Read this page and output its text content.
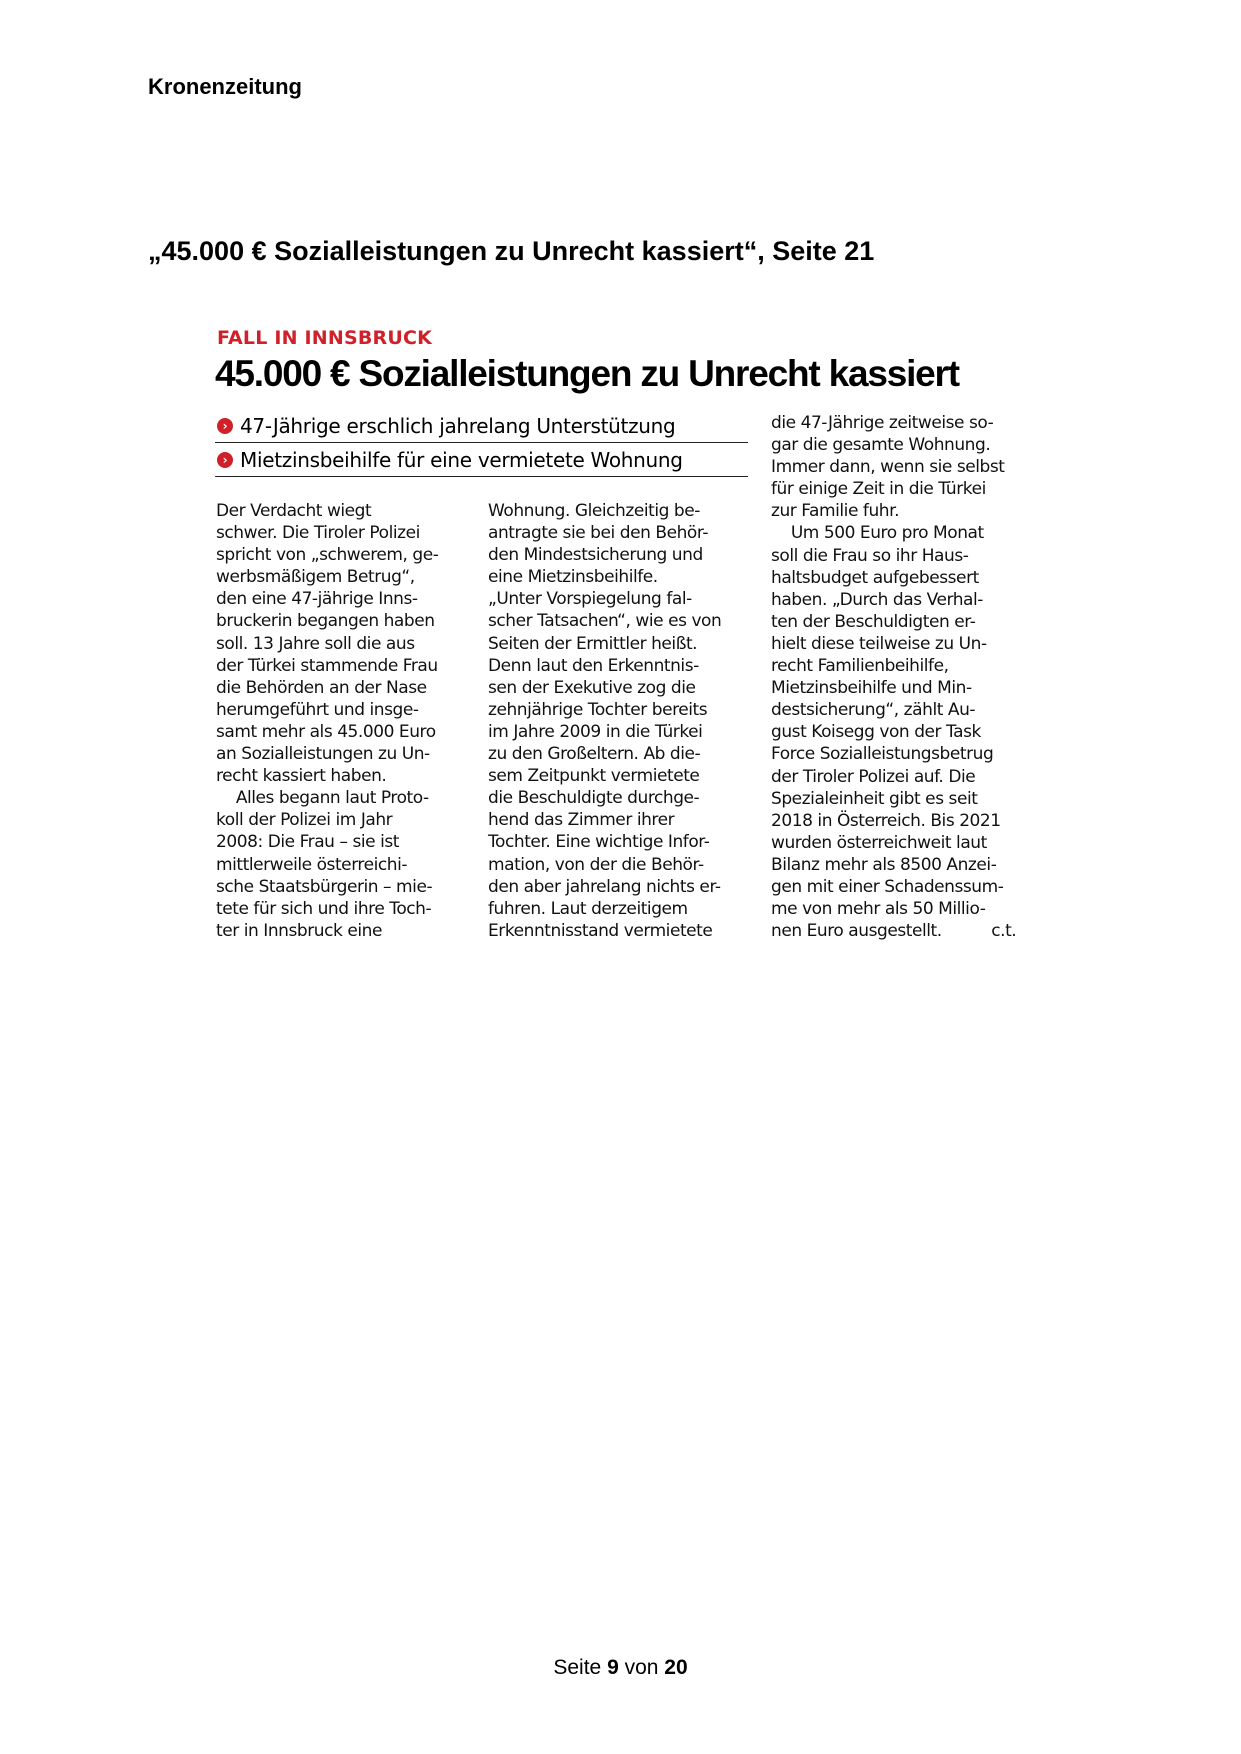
Kronenzeitung
„45.000 € Sozialleistungen zu Unrecht kassiert“, Seite 21
FALL IN INNSBRUCK
45.000 € Sozialleistungen zu Unrecht kassiert
› 47-Jährige erschlich jahrelang Unterstützung
› Mietzinsbeihilfe für eine vermietete Wohnung

Der Verdacht wiegt
schwer. Die Tiroler Polizei
spricht von „schwerem, ge-
werbsmäßigem Betrug“,
den eine 47-jährige Inns-
bruckerin begangen haben
soll. 13 Jahre soll die aus
der Türkei stammende Frau
die Behörden an der Nase
herumgeführt und insge-
samt mehr als 45.000 Euro
an Sozialleistungen zu Un-
recht kassiert haben.
Alles begann laut Proto-
koll der Polizei im Jahr
2008: Die Frau – sie ist
mittlerweile österreichi-
sche Staatsbürgerin – mie-
tete für sich und ihre Toch-
ter in Innsbruck eine

Wohnung. Gleichzeitig be-
antragte sie bei den Behör-
den Mindestsicherung und
eine Mietzinsbeihilfe.
„Unter Vorspiegelung fal-
scher Tatsachen“, wie es von
Seiten der Ermittler heißt.
Denn laut den Erkenntnis-
sen der Exekutive zog die
zehnjährige Tochter bereits
im Jahre 2009 in die Türkei
zu den Großeltern. Ab die-
sem Zeitpunkt vermietete
die Beschuldigte durchge-
hend das Zimmer ihrer
Tochter. Eine wichtige Infor-
mation, von der die Behör-
den aber jahrelang nichts er-
fuhren. Laut derzeitigem
Erkenntnisstand vermietete

die 47-Jährige zeitweise so-
gar die gesamte Wohnung.
Immer dann, wenn sie selbst
für einige Zeit in die Türkei
zur Familie fuhr.
Um 500 Euro pro Monat
soll die Frau so ihr Haus-
haltsbudget aufgebessert
haben. „Durch das Verhal-
ten der Beschuldigten er-
hielt diese teilweise zu Un-
recht Familienbeihilfe,
Mietzinsbeihilfe und Min-
destsicherung“, zählt Au-
gust Koisegg von der Task
Force Sozialleistungsbetrug
der Tiroler Polizei auf. Die
Spezialeinheit gibt es seit
2018 in Österreich. Bis 2021
wurden österreichweit laut
Bilanz mehr als 8500 Anzei-
gen mit einer Schadenssum-
me von mehr als 50 Millio-
nen Euro ausgestellt.          c.t.

Seite 9 von 20
